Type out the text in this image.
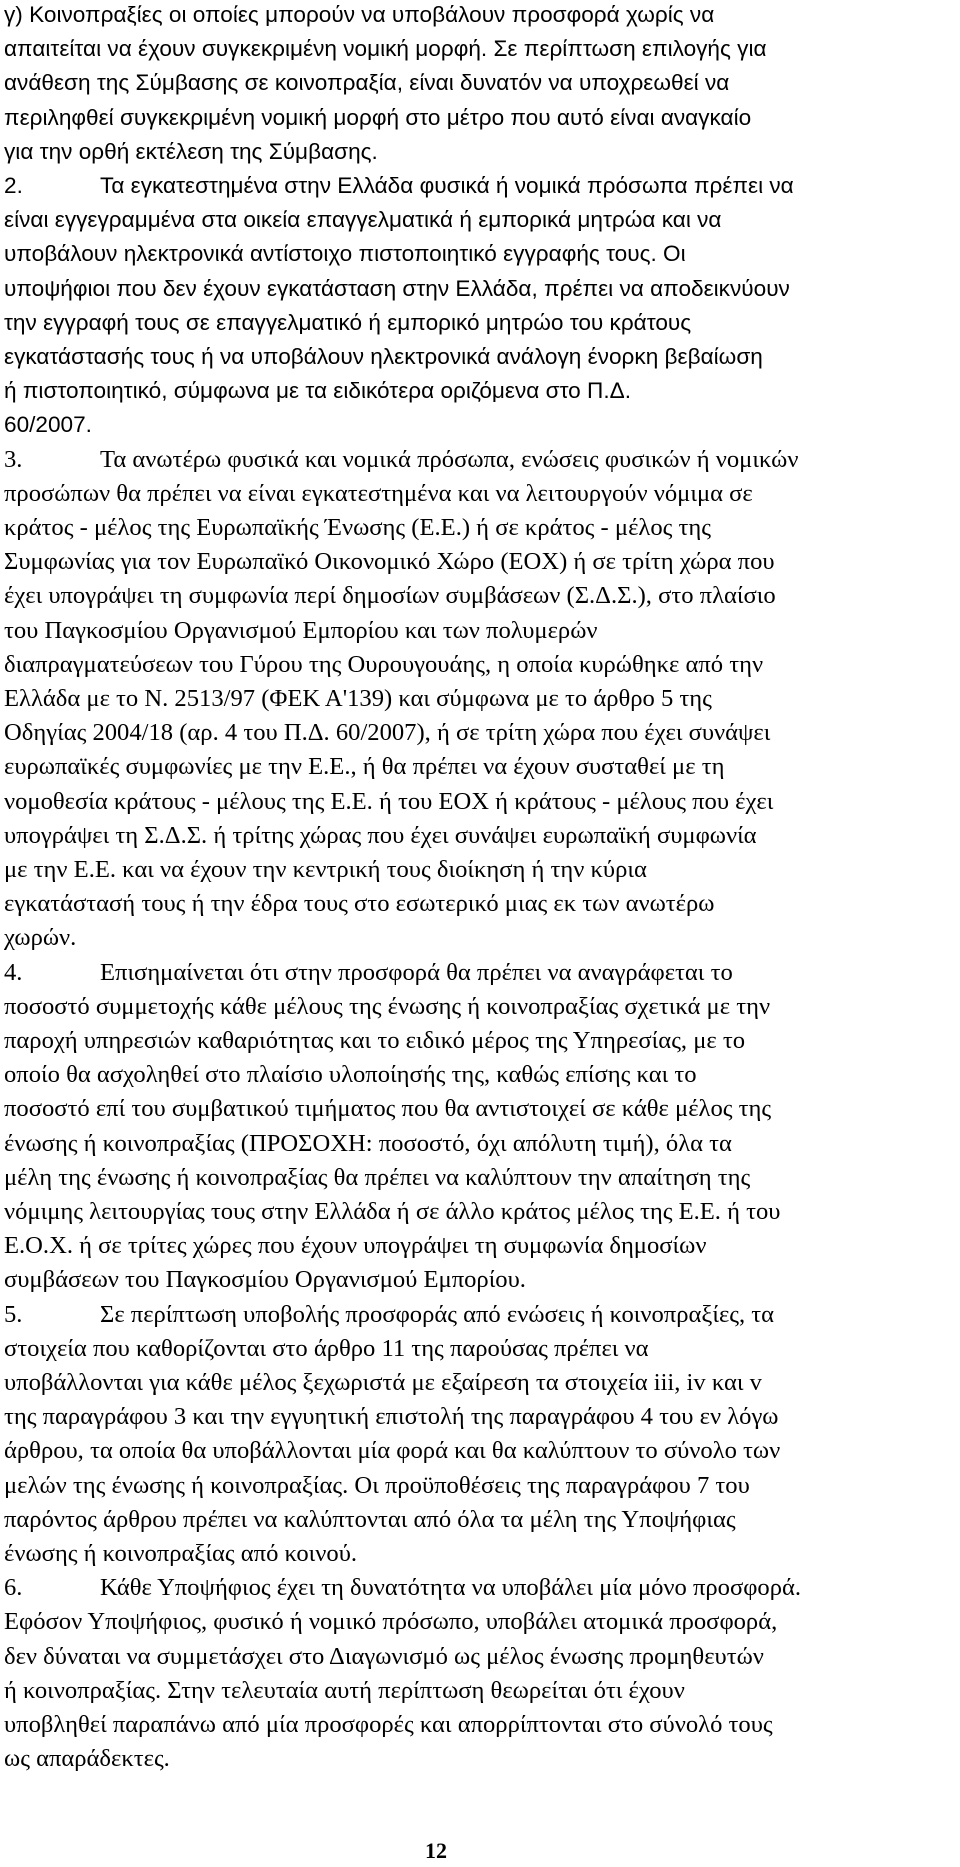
γ) Κοινοπραξίες οι οποίες μπορούν να υποβάλουν προσφορά χωρίς να
απαιτείται να έχουν συγκεκριμένη νομική μορφή. Σε περίπτωση επιλογής για
ανάθεση της Σύμβασης σε κοινοπραξία, είναι δυνατόν να υποχρεωθεί να
περιληφθεί συγκεκριμένη νομική μορφή στο μέτρο που αυτό είναι αναγκαίο
για την ορθή εκτέλεση της Σύμβασης.
2.	Τα εγκατεστημένα στην Ελλάδα φυσικά ή νομικά πρόσωπα πρέπει να
είναι εγγεγραμμένα στα οικεία επαγγελματικά ή εμπορικά μητρώα και να
υποβάλουν ηλεκτρονικά αντίστοιχο πιστοποιητικό εγγραφής τους. Οι
υποψήφιοι που δεν έχουν εγκατάσταση στην Ελλάδα, πρέπει να αποδεικνύουν
την εγγραφή τους σε επαγγελματικό ή εμπορικό μητρώο του κράτους
εγκατάστασής τους ή να υποβάλουν ηλεκτρονικά ανάλογη ένορκη βεβαίωση
ή πιστοποιητικό, σύμφωνα με τα ειδικότερα οριζόμενα στο Π.Δ.
60/2007.
3.	Τα ανωτέρω φυσικά και νομικά πρόσωπα, ενώσεις φυσικών ή νομικών
προσώπων θα πρέπει να είναι εγκατεστημένα και να λειτουργούν νόμιμα σε
κράτος - μέλος της Ευρωπαϊκής Ένωσης (Ε.Ε.) ή σε κράτος - μέλος της
Συμφωνίας για τον Ευρωπαϊκό Οικονομικό Χώρο (ΕΟΧ) ή σε τρίτη χώρα που
έχει υπογράψει τη συμφωνία περί δημοσίων συμβάσεων (Σ.Δ.Σ.), στο πλαίσιο
του Παγκοσμίου Οργανισμού Εμπορίου και των πολυμερών
διαπραγματεύσεων του Γύρου της Ουρουγουάης, η οποία κυρώθηκε από την
Ελλάδα με το Ν. 2513/97 (ΦΕΚ Α'139) και σύμφωνα με το άρθρο 5 της
Οδηγίας 2004/18 (αρ. 4 του Π.Δ. 60/2007), ή σε τρίτη χώρα που έχει συνάψει
ευρωπαϊκές συμφωνίες με την Ε.Ε., ή θα πρέπει να έχουν συσταθεί με τη
νομοθεσία κράτους - μέλους της Ε.Ε. ή του ΕΟΧ ή κράτους - μέλους που έχει
υπογράψει τη Σ.Δ.Σ. ή τρίτης χώρας που έχει συνάψει ευρωπαϊκή συμφωνία
με την Ε.Ε. και να έχουν την κεντρική τους διοίκηση ή την κύρια
εγκατάστασή τους ή την έδρα τους στο εσωτερικό μιας εκ των ανωτέρω
χωρών.
4.	Επισημαίνεται ότι στην προσφορά θα πρέπει να αναγράφεται το
ποσοστό συμμετοχής κάθε μέλους της ένωσης ή κοινοπραξίας σχετικά με την
παροχή υπηρεσιών καθαριότητας και το ειδικό μέρος της Υπηρεσίας, με το
οποίο θα ασχοληθεί στο πλαίσιο υλοποίησής της, καθώς επίσης και το
ποσοστό επί του συμβατικού τιμήματος που θα αντιστοιχεί σε κάθε μέλος της
ένωσης ή κοινοπραξίας (ΠΡΟΣΟΧΗ: ποσοστό, όχι απόλυτη τιμή), όλα τα
μέλη της ένωσης ή κοινοπραξίας θα πρέπει να καλύπτουν την απαίτηση της
νόμιμης λειτουργίας τους στην Ελλάδα ή σε άλλο κράτος μέλος της Ε.Ε. ή του
Ε.Ο.Χ. ή σε τρίτες χώρες που έχουν υπογράψει τη συμφωνία δημοσίων
συμβάσεων του Παγκοσμίου Οργανισμού Εμπορίου.
5.	Σε περίπτωση υποβολής προσφοράς από ενώσεις ή κοινοπραξίες, τα
στοιχεία που καθορίζονται στο άρθρο 11 της παρούσας πρέπει να
υποβάλλονται για κάθε μέλος ξεχωριστά με εξαίρεση τα στοιχεία iii, iv και v
της παραγράφου 3 και την εγγυητική επιστολή της παραγράφου 4 του εν λόγω
άρθρου, τα οποία θα υποβάλλονται μία φορά και θα καλύπτουν το σύνολο των
μελών της ένωσης ή κοινοπραξίας. Οι προϋποθέσεις της παραγράφου 7 του
παρόντος άρθρου πρέπει να καλύπτονται από όλα τα μέλη της Υποψήφιας
ένωσης ή κοινοπραξίας από κοινού.
6.	Κάθε Υποψήφιος έχει τη δυνατότητα να υποβάλει μία μόνο προσφορά.
Εφόσον Υποψήφιος, φυσικό ή νομικό πρόσωπο, υποβάλει ατομικά προσφορά,
δεν δύναται να συμμετάσχει στο Διαγωνισμό ως μέλος ένωσης προμηθευτών
ή κοινοπραξίας. Στην τελευταία αυτή περίπτωση θεωρείται ότι έχουν
υποβληθεί παραπάνω από μία προσφορές και απορρίπτονται στο σύνολό τους
ως απαράδεκτες.
12
